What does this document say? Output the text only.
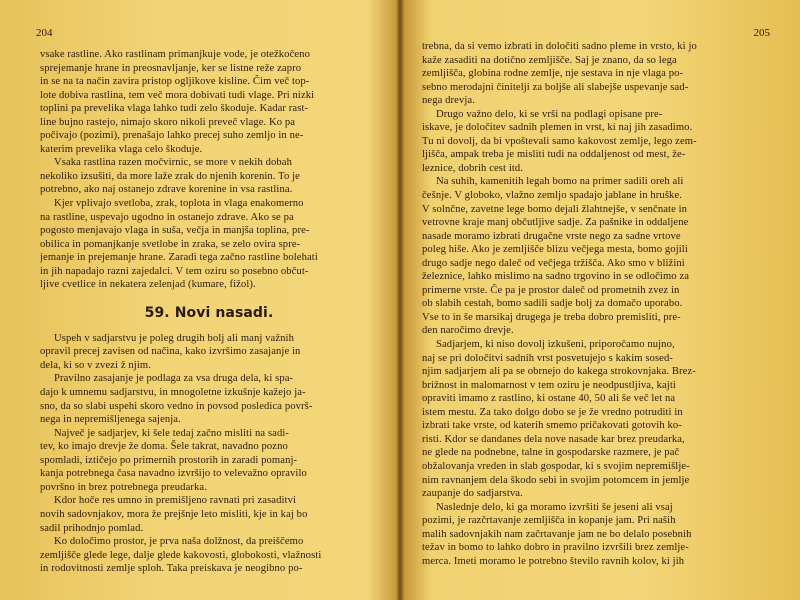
204
vsake rastline. Ako rastlinam primanjkuje vode, je otežkočeno
sprejemanje hrane in preosnavljanje, ker se listne reže zapro
in se na ta način zavira pristop ogljikove kisline. Čim več top-
lote dobiva rastlina, tem več mora dobivati tudi vlage. Pri nizki
toplini pa prevelika vlaga lahko tudi zelo škoduje. Kadar rast-
line bujno rastejo, nimajo skoro nikoli preveč vlage. Ko pa
počivajo (pozimi), prenašajo lahko precej suho zemljo in ne-
katerim prevelika vlaga celo škoduje.
Vsaka rastlina razen močvirnic, se more v nekih dobah
nekoliko izsušiti, da more laže zrak do njenih korenin. To je
potrebno, ako naj ostanejo zdrave koreninе in vsa rastlina.
Kjer vplivajo svetloba, zrak, toplota in vlaga enakomerno
na rastline, uspevajo ugodno in ostanejo zdrave. Ako se pa
pogosto menjavajo vlaga in suša, večja in manjša toplina, pre-
obilica in pomanjkanje svetlobe in zraka, se zelo ovira spre-
jemanje in prejemanje hrane. Zaradi tega začno rastline bolehati
in jih napadajo razni zajedalci. V tem oziru so posebno občut-
ljive cvetlice in nekatera zelenjad (kumare, fižol).
59. Novi nasadi.
Uspeh v sadjarstvu je poleg drugih bolj ali manj važnih
opravil precej zavisen od načina, kako izvršimo zasajanje in
dela, ki so v zvezi ž njim.
Pravilno zasajanje je podlaga za vsa druga dela, ki spa-
dajo k umnemu sadjarstvu, in mnogoletne izkušnje kažejo ja-
sno, da so slabi uspehi skoro vedno in povsod posledica površ-
nega in nepremišljenega sajenja.
Največ je sadjarjev, ki šele tedaj začno misliti na sadi-
tev, ko imajo drevje že doma. Šele takrat, navadno pozno
spomladi, iztičejo po primernih prostorih in zaradi pomanj-
kanja potrebnega časa navadno izvršijo to velevažno opravilo
površno in brez potrebnega preudarka.
Kdor hoče res umno in premišljeno ravnati pri zasaditvi
novih sadovnjakov, mora že prejšnje leto misliti, kje in kaj bo
sadil prihodnjo pomlad.
Ko določimo prostor, je prva naša dolžnost, da preiščemo
zemljišče glede lege, dalje glede kakovosti, globokosti, vlažnosti
in rodovitnosti zemlje sploh. Taka preiskava je neogibno po-
205
trebna, da si vemo izbrati in določiti sadno pleme in vrsto, ki jo
kaže zasaditi na dotično zemljišče. Saj je znano, da so lega
zemljišča, globina rodne zemlje, nje sestava in nje vlaga po-
sebno merodajni činitelji za boljše ali slabejše uspevanje sad-
nega drevja.
Drugo važno delo, ki se vrši na podlagi opisane pre-
iskave, je določitev sadnih plemen in vrst, ki naj jih zasadimo.
Tu ni dovolj, da bi vpoštevali samo kakovost zemlje, lego zem-
ljišča, ampak treba je misliti tudi na oddaljenost od mest, že-
leznice, dobrih cest itd.
Na suhih, kamenitih legah bomo na primer sadili orеh ali
češnje. V globoko, vlažno zemljo spadajo jablane in hruške.
V solnčne, zavetne lege bomo dejali žlahtnejše, v senčnate in
vetrovne kraje manj občutljive sadje. Za pašnike in oddaljene
nasade moramo izbrati drugačne vrste nego za sadne vrtove
poleg hiše. Ako je zemljišče blizu večjega mesta, bomo gojili
drugo sadje nego daleč od večjega tržišča. Ako smo v bližini
železnice, lahko mislimo na sadno trgovino in se odločimo za
primerne vrste. Če pa je prostor daleč od prometnih zvez in
ob slabih cestah, bomo sadili sadje bolj za domačo uporabo.
Vse to in še marsikaj drugega je treba dobro premisliti, pre-
den naročimo drevje.
Sadjarjem, ki niso dovolj izkušeni, priporočamo nujno,
naj se pri določitvi sadnih vrst posvetujejo s kakim sosed-
njim sadjarjem ali pa se obrnejo do kakega strokovnjaka. Brez-
brižnost in malomarnost v tem oziru je neodpustljiva, kajti
opraviti imamo z rastlino, ki ostane 40, 50 ali še več let na
istem mestu. Za tako dolgo dobo se je že vredno potruditi in
izbrati take vrste, od katerih smemo pričakovati gotovih ko-
risti. Kdor se dandanes dela nove nasade kar brez preudarka,
ne glede na podnebne, talne in gospodarske razmere, je pač
obžalovanja vreden in slab gospodar, ki s svojim nepremišlje-
nim ravnanjem dela škodo sebi in svojim potomcem in jemlje
zaupanje do sadjarstva.
Naslednje delo, ki ga moramo izvršiti še jeseni ali vsaj
pozimi, je razčrtavanje zemljišča in kopanje jam. Pri naših
malih sadovnjakih nam začrtavanje jam ne bo delalo posebnih
težav in bomo to lahko dobro in pravilno izvršili brez zemlje-
merca. Imeti moramo le potrebno število ravnih kolov, ki jih
